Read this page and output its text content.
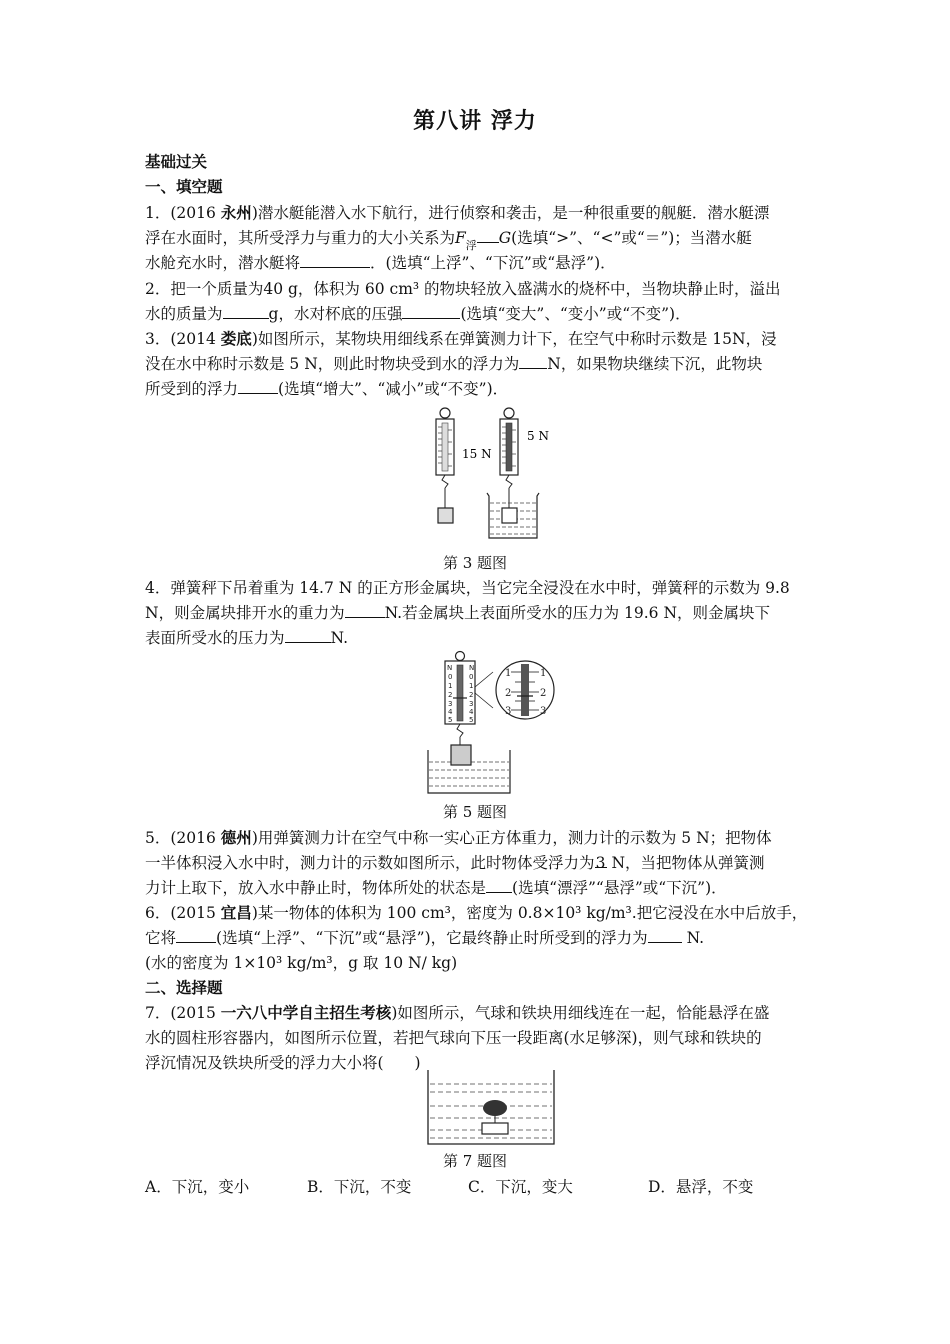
第八讲 浮力
基础过关
一、填空题
1．(2016 永州)潜水艇能潜入水下航行，进行侦察和袭击，是一种很重要的舰艇．潜水艇漂
浮在水面时，其所受浮力与重力的大小关系为$F_浮$ G(选填“>”、“<”或“＝”)；当潜水艇
水舱充水时，潜水艇将	．(选填“上浮”、“下沉”或“悬浮”)．
2．把一个质量为40 g，体积为 60 cm³ 的物块轻放入盛满水的烧杯中，当物块静止时，溢出
水的质量为	g，水对杯底的压强	(选填“变大”、“变小”或“不变”)．
3．(2014 娄底)如图所示，某物块用细线系在弹簧测力计下，在空气中称时示数是 15N，浸
没在水中称时示数是 5 N，则此时物块受到水的浮力为 N，如果物块继续下沉，此物块
所受到的浮力	(选填“增大”、“减小”或“不变”)．
15 N
5 N
第 3 题图
4．弹簧秤下吊着重为 14.7 N 的正方形金属块，当它完全浸没在水中时，弹簧秤的示数为 9.8
N，则金属块排开水的重力为	N.若金属块上表面所受水的压力为 19.6 N，则金属块下
表面所受水的压力为	N.
N N
0 0
1 1
2 2
3 3
4 4
5 5
1	1
2	2
3	3
第 5 题图
5．(2016 德州)用弹簧测力计在空气中称一实心正方体重力，测力计的示数为 5 N；把物体
一半体积浸入水中时，测力计的示数如图所示，此时物体受浮力为3 N，当把物体从弹簧测
力计上取下，放入水中静止时，物体所处的状态是 (选填“漂浮”“悬浮”或“下沉”)．
6．(2015 宜昌)某一物体的体积为 100 cm³，密度为 0.8×10³ kg/m³.把它浸没在水中后放手，
它将	(选填“上浮”、“下沉”或“悬浮”)，它最终静止时所受到的浮力为 N.
(水的密度为 1×10³ kg/m³，g 取 10 N/ kg)
二、选择题
7．(2015 一六八中学自主招生考核)如图所示，气球和铁块用细线连在一起，恰能悬浮在盛
水的圆柱形容器内，如图所示位置，若把气球向下压一段距离(水足够深)，则气球和铁块的
浮沉情况及铁块所受的浮力大小将(　　)
第 7 题图
A．下沉，变小	B．下沉，不变	C．下沉，变大	D．悬浮，不变
